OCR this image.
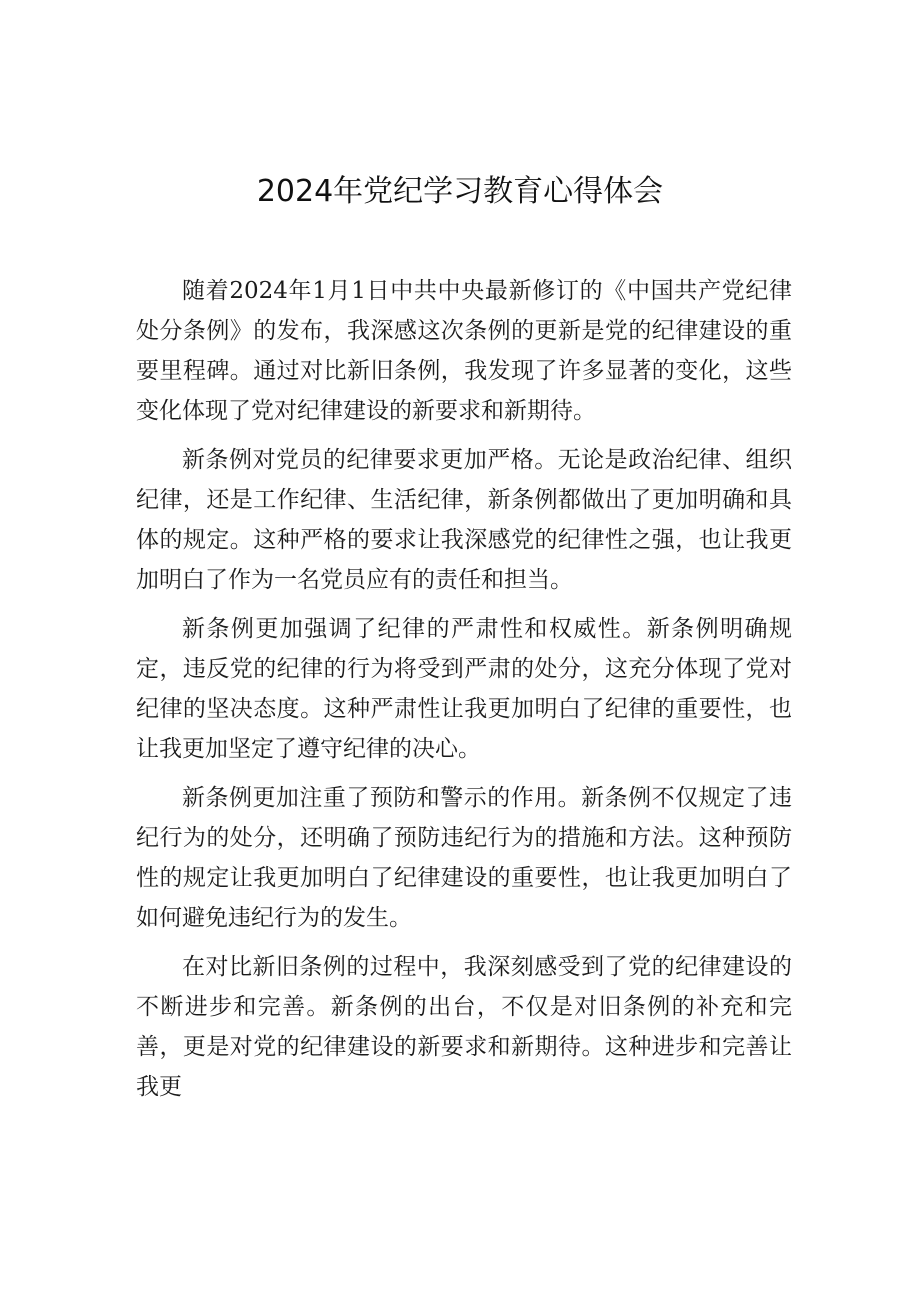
2024年党纪学习教育心得体会

随着2024年1月1日中共中央最新修订的《中国共产党纪律处分条例》的发布，我深感这次条例的更新是党的纪律建设的重要里程碑。通过对比新旧条例，我发现了许多显著的变化，这些变化体现了党对纪律建设的新要求和新期待。

新条例对党员的纪律要求更加严格。无论是政治纪律、组织纪律，还是工作纪律、生活纪律，新条例都做出了更加明确和具体的规定。这种严格的要求让我深感党的纪律性之强，也让我更加明白了作为一名党员应有的责任和担当。

新条例更加强调了纪律的严肃性和权威性。新条例明确规定，违反党的纪律的行为将受到严肃的处分，这充分体现了党对纪律的坚决态度。这种严肃性让我更加明白了纪律的重要性，也让我更加坚定了遵守纪律的决心。

新条例更加注重了预防和警示的作用。新条例不仅规定了违纪行为的处分，还明确了预防违纪行为的措施和方法。这种预防性的规定让我更加明白了纪律建设的重要性，也让我更加明白了如何避免违纪行为的发生。

在对比新旧条例的过程中，我深刻感受到了党的纪律建设的不断进步和完善。新条例的出台，不仅是对旧条例的补充和完善，更是对党的纪律建设的新要求和新期待。这种进步和完善让我更
